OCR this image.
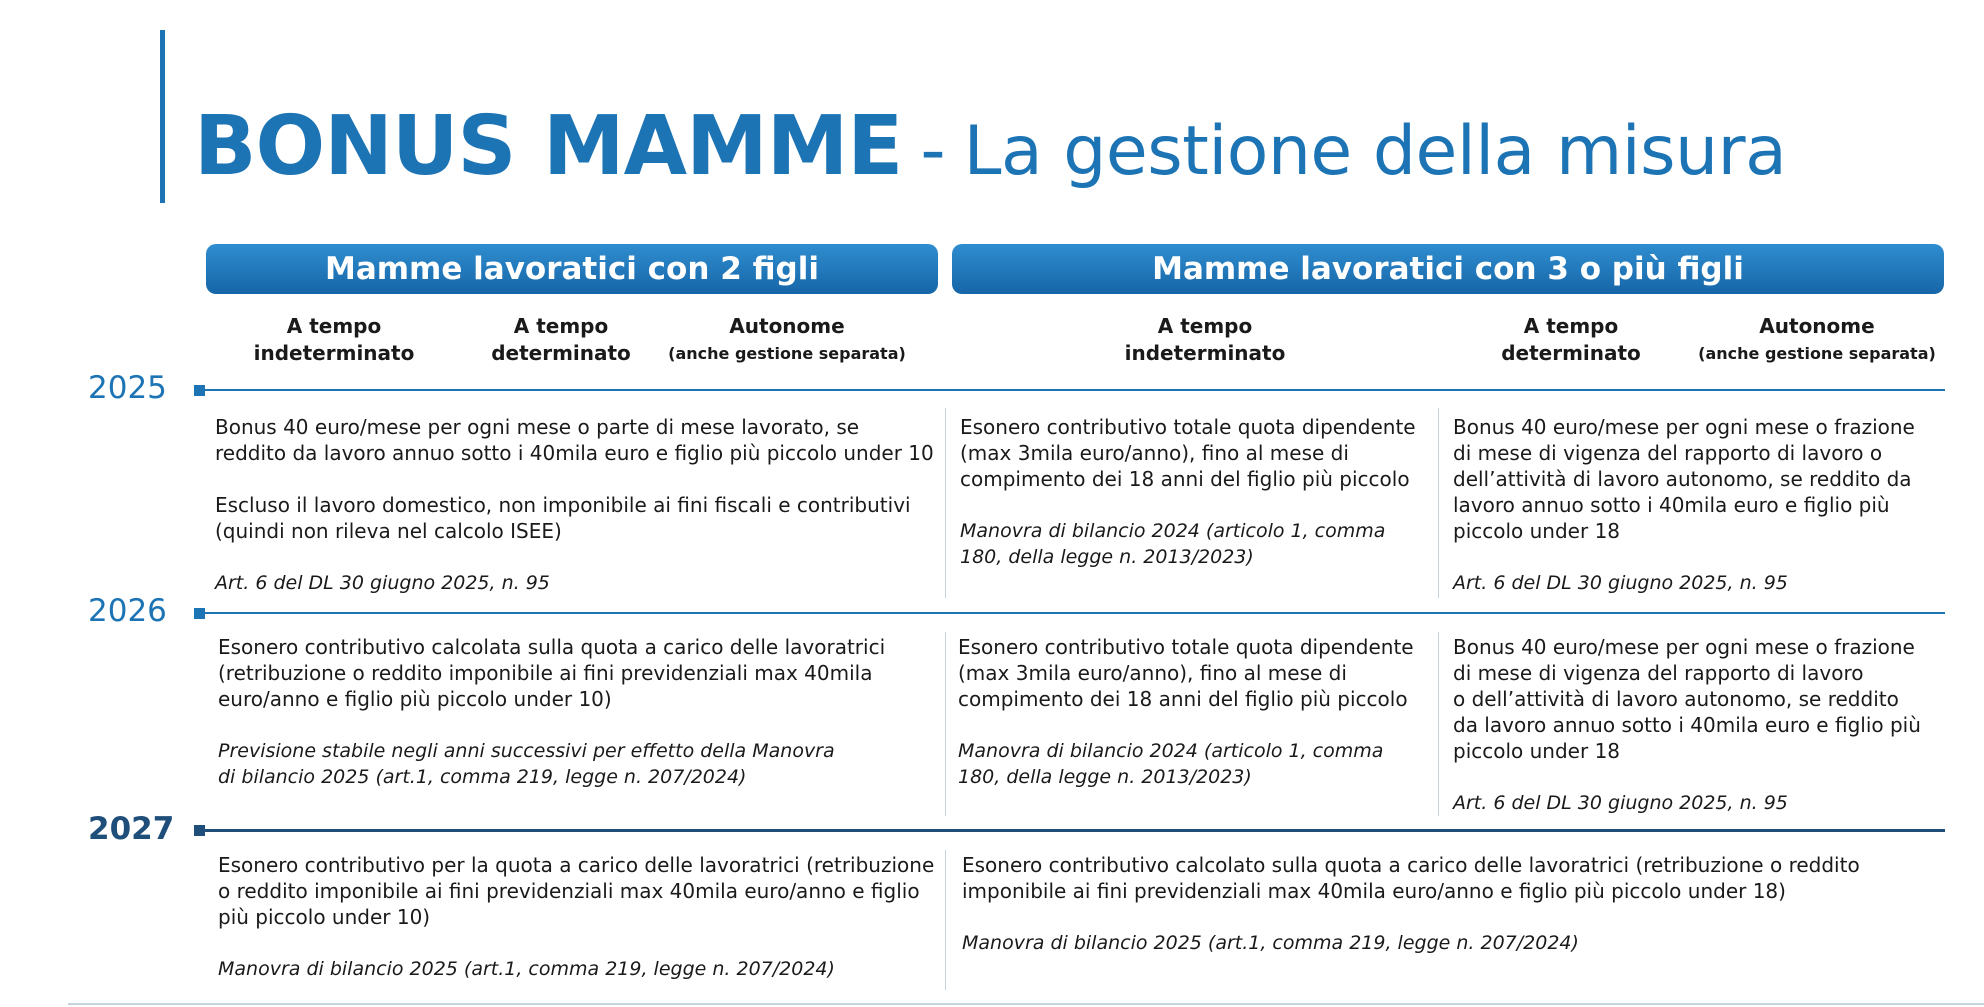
BONUS MAMME - La gestione della misura
Mamme lavoratici con 2 figli	Mamme lavoratici con 3 o più figli
A tempo
indeterminato
A tempo
determinato
Autonome
(anche gestione separata)
A tempo
indeterminato
A tempo
determinato
Autonome
(anche gestione separata)
2025
2026
2027

Bonus 40 euro/mese per ogni mese o parte di mese lavorato, se

reddito da lavoro annuo sotto i 40mila euro e figlio più piccolo under 10

Escluso il lavoro domestico, non imponibile ai fini fiscali e contributivi

(quindi non rileva nel calcolo ISEE)

Art. 6 del DL 30 giugno 2025, n. 95

Esonero contributivo totale quota dipendente

(max 3mila euro/anno), fino al mese di

compimento dei 18 anni del figlio più piccolo

Manovra di bilancio 2024 (articolo 1, comma

180, della legge n. 2013/2023)

Bonus 40 euro/mese per ogni mese o frazione

di mese di vigenza del rapporto di lavoro o

dell’attività di lavoro autonomo, se reddito da

lavoro annuo sotto i 40mila euro e figlio più

piccolo under 18

Art. 6 del DL 30 giugno 2025, n. 95

Esonero contributivo calcolata sulla quota a carico delle lavoratrici

(retribuzione o reddito imponibile ai fini previdenziali max 40mila

euro/anno e figlio più piccolo under 10)

Previsione stabile negli anni successivi per effetto della Manovra

di bilancio 2025 (art.1, comma 219, legge n. 207/2024)

Esonero contributivo totale quota dipendente

(max 3mila euro/anno), fino al mese di

compimento dei 18 anni del figlio più piccolo

Manovra di bilancio 2024 (articolo 1, comma

180, della legge n. 2013/2023)

Bonus 40 euro/mese per ogni mese o frazione

di mese di vigenza del rapporto di lavoro

o dell’attività di lavoro autonomo, se reddito

da lavoro annuo sotto i 40mila euro e figlio più

piccolo under 18

Art. 6 del DL 30 giugno 2025, n. 95

Esonero contributivo per la quota a carico delle lavoratrici (retribuzione

o reddito imponibile ai fini previdenziali max 40mila euro/anno e figlio

più piccolo under 10)

Manovra di bilancio 2025 (art.1, comma 219, legge n. 207/2024)

Esonero contributivo calcolato sulla quota a carico delle lavoratrici (retribuzione o reddito

imponibile ai fini previdenziali max 40mila euro/anno e figlio più piccolo under 18)

Manovra di bilancio 2025 (art.1, comma 219, legge n. 207/2024)
